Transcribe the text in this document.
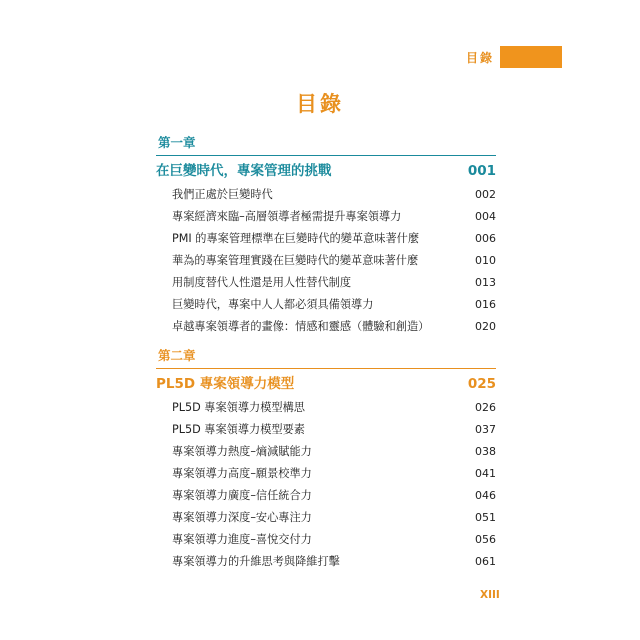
目錄
目錄
第一章
在巨變時代，專案管理的挑戰	001
我們正處於巨變時代	002
專案經濟來臨–高層領導者極需提升專案領導力	004
PMI 的專案管理標準在巨變時代的變革意味著什麼	006
華為的專案管理實踐在巨變時代的變革意味著什麼	010
用制度替代人性還是用人性替代制度	013
巨變時代，專案中人人都必須具備領導力	016
卓越專案領導者的畫像：情感和靈感（體驗和創造）	020
第二章
PL5D 專案領導力模型	025
PL5D 專案領導力模型構思	026
PL5D 專案領導力模型要素	037
專案領導力熱度–熵減賦能力	038
專案領導力高度–願景校準力	041
專案領導力廣度–信任統合力	046
專案領導力深度–安心專注力	051
專案領導力進度–喜悅交付力	056
專案領導力的升維思考與降維打擊	061
XIII
